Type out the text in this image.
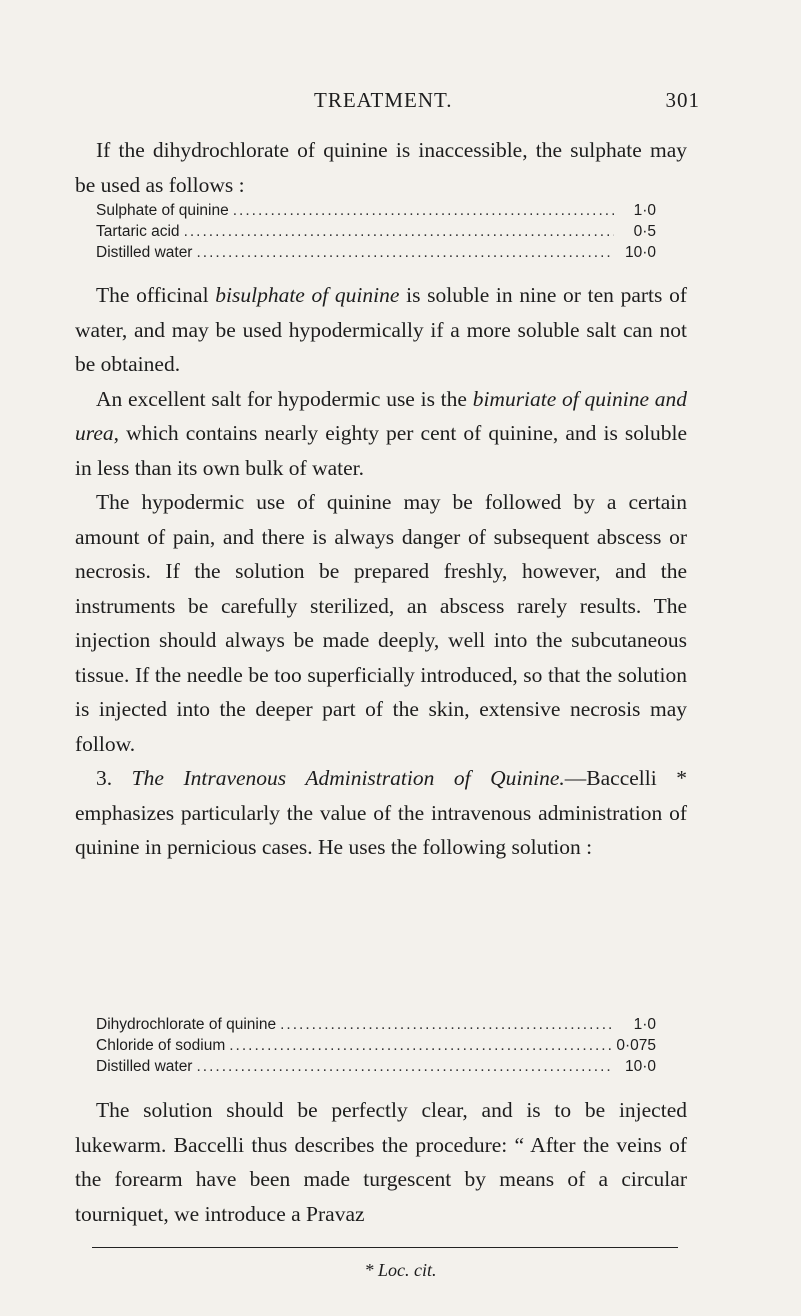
TREATMENT.	301

If the dihydrochlorate of quinine is inaccessible, the sulphate may be used as follows :

Sulphate of quinine .....	1·0
Tartaric acid .....	0·5
Distilled water .....	10·0

The officinal bisulphate of quinine is soluble in nine or ten parts of water, and may be used hypodermically if a more soluble salt can not be obtained.

An excellent salt for hypodermic use is the bimuriate of quinine and urea, which contains nearly eighty per cent of quinine, and is soluble in less than its own bulk of water.

The hypodermic use of quinine may be followed by a certain amount of pain, and there is always danger of subsequent abscess or necrosis. If the solution be prepared freshly, however, and the instruments be carefully sterilized, an abscess rarely results. The injection should always be made deeply, well into the subcutaneous tissue. If the needle be too superficially introduced, so that the solution is injected into the deeper part of the skin, extensive necrosis may follow.

3. The Intravenous Administration of Quinine.—Baccelli * emphasizes particularly the value of the intravenous administration of quinine in pernicious cases. He uses the following solution :

Dihydrochlorate of quinine .....	1·0
Chloride of sodium .....	0·075
Distilled water .....	10·0

The solution should be perfectly clear, and is to be injected lukewarm. Baccelli thus describes the procedure: “ After the veins of the forearm have been made turgescent by means of a circular tourniquet, we introduce a Pravaz

* Loc. cit.
